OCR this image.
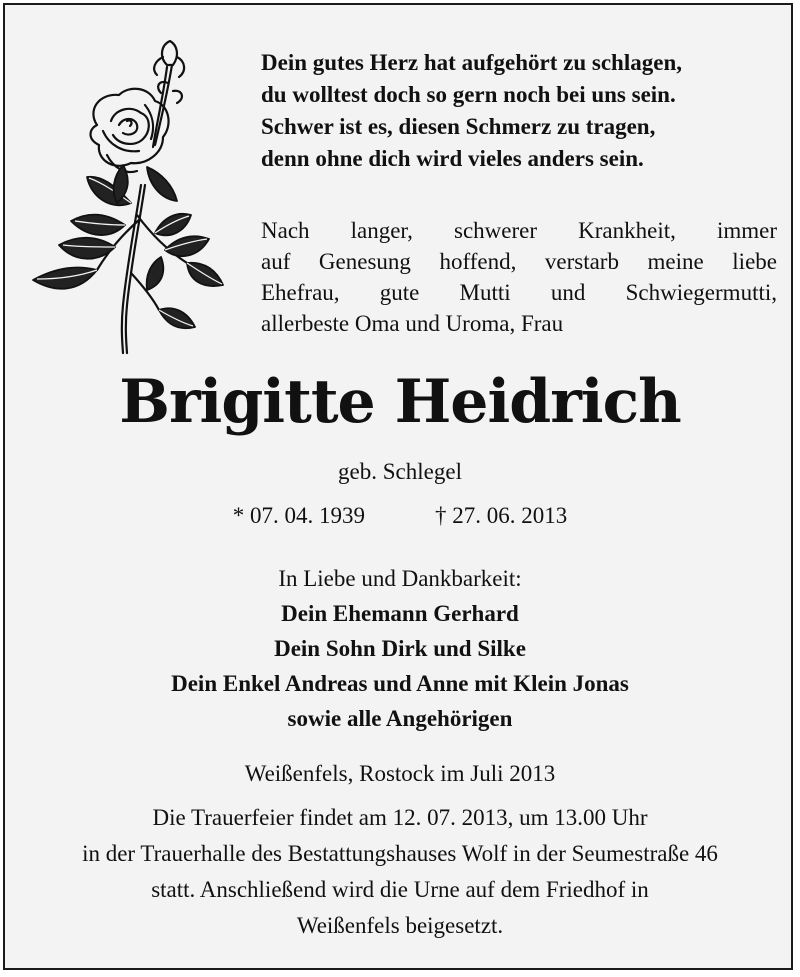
Dein gutes Herz hat aufgehört zu schlagen,
du wolltest doch so gern noch bei uns sein.
Schwer ist es, diesen Schmerz zu tragen,
denn ohne dich wird vieles anders sein.
Nach langer, schwerer Krankheit, immer
auf Genesung hoffend, verstarb meine liebe
Ehefrau, gute Mutti und Schwiegermutti,
allerbeste Oma und Uroma, Frau
Brigitte Heidrich
geb. Schlegel
* 07. 04. 1939	† 27. 06. 2013
In Liebe und Dankbarkeit:
Dein Ehemann Gerhard
Dein Sohn Dirk und Silke
Dein Enkel Andreas und Anne mit Klein Jonas
sowie alle Angehörigen
Weißenfels, Rostock im Juli 2013
Die Trauerfeier findet am 12. 07. 2013, um 13.00 Uhr
in der Trauerhalle des Bestattungshauses Wolf in der Seumestraße 46
statt. Anschließend wird die Urne auf dem Friedhof in
Weißenfels beigesetzt.
